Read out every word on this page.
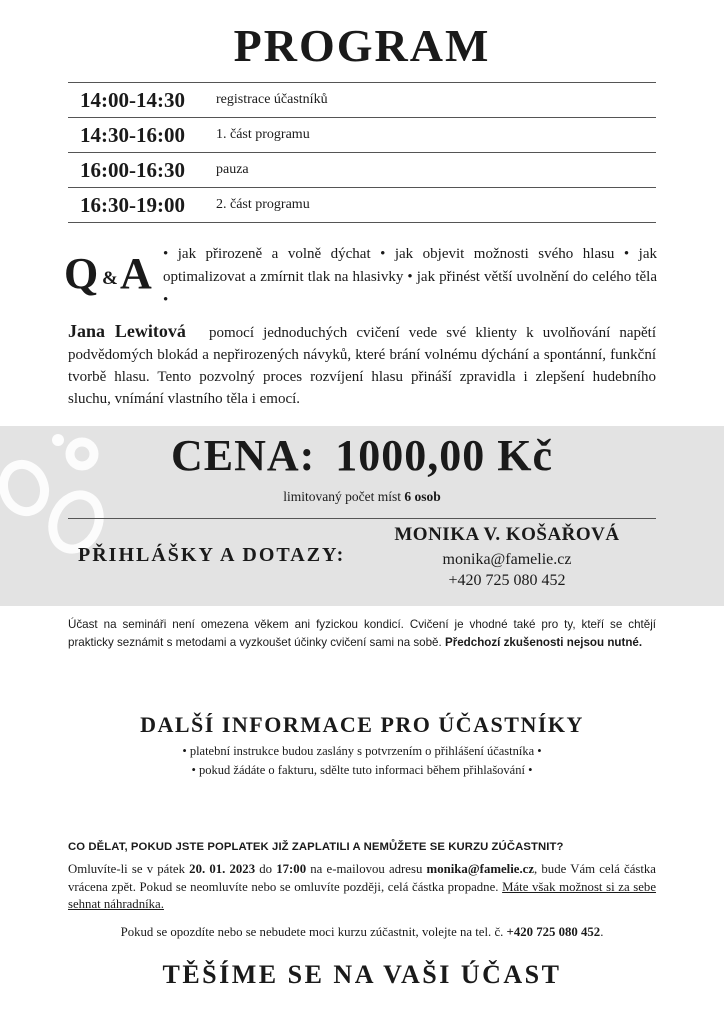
PROGRAM
14:00-14:30	registrace účastníků
14:30-16:00	1. část programu
16:00-16:30	pauza
16:30-19:00	2. část programu
Q & A • jak přirozeně a volně dýchat • jak objevit možnosti svého hlasu • jak optimalizovat a zmírnit tlak na hlasivky • jak přinést větší uvolnění do celého těla •
Jana Lewitová pomocí jednoduchých cvičení vede své klienty k uvolňování napětí podvědomých blokád a nepřirozených návyků, které brání volnému dýchání a spontánní, funkční tvorbě hlasu. Tento pozvolný proces rozvíjení hlasu přináší zpravidla i zlepšení hudebního sluchu, vnímání vlastního těla i emocí.
CENA: 1000,00 Kč
limitovaný počet míst 6 osob
PŘIHLÁŠKY A DOTAZY:
MONIKA V. KOŠAŘOVÁ
monika@famelie.cz
+420 725 080 452
Účast na semináři není omezena věkem ani fyzickou kondicí. Cvičení je vhodné také pro ty, kteří se chtějí prakticky seznámit s metodami a vyzkoušet účinky cvičení sami na sobě. Předchozí zkušenosti nejsou nutné.
DALŠÍ INFORMACE PRO ÚČASTNÍKY
• platební instrukce budou zaslány s potvrzením o přihlášení účastníka •
• pokud žádáte o fakturu, sdělte tuto informaci během přihlašování •
CO DĚLAT, POKUD JSTE POPLATEK JIŽ ZAPLATILI A NEMŮŽETE SE KURZU ZÚČASTNIT?
Omluvíte-li se v pátek 20. 01. 2023 do 17:00 na e-mailovou adresu monika@famelie.cz, bude Vám celá částka vrácena zpět. Pokud se neomluvíte nebo se omluvíte později, celá částka propadne. Máte však možnost si za sebe sehnat náhradníka.
Pokud se opozdíte nebo se nebudete moci kurzu zúčastnit, volejte na tel. č. +420 725 080 452.
TĚŠÍME SE NA VAŠI ÚČAST
